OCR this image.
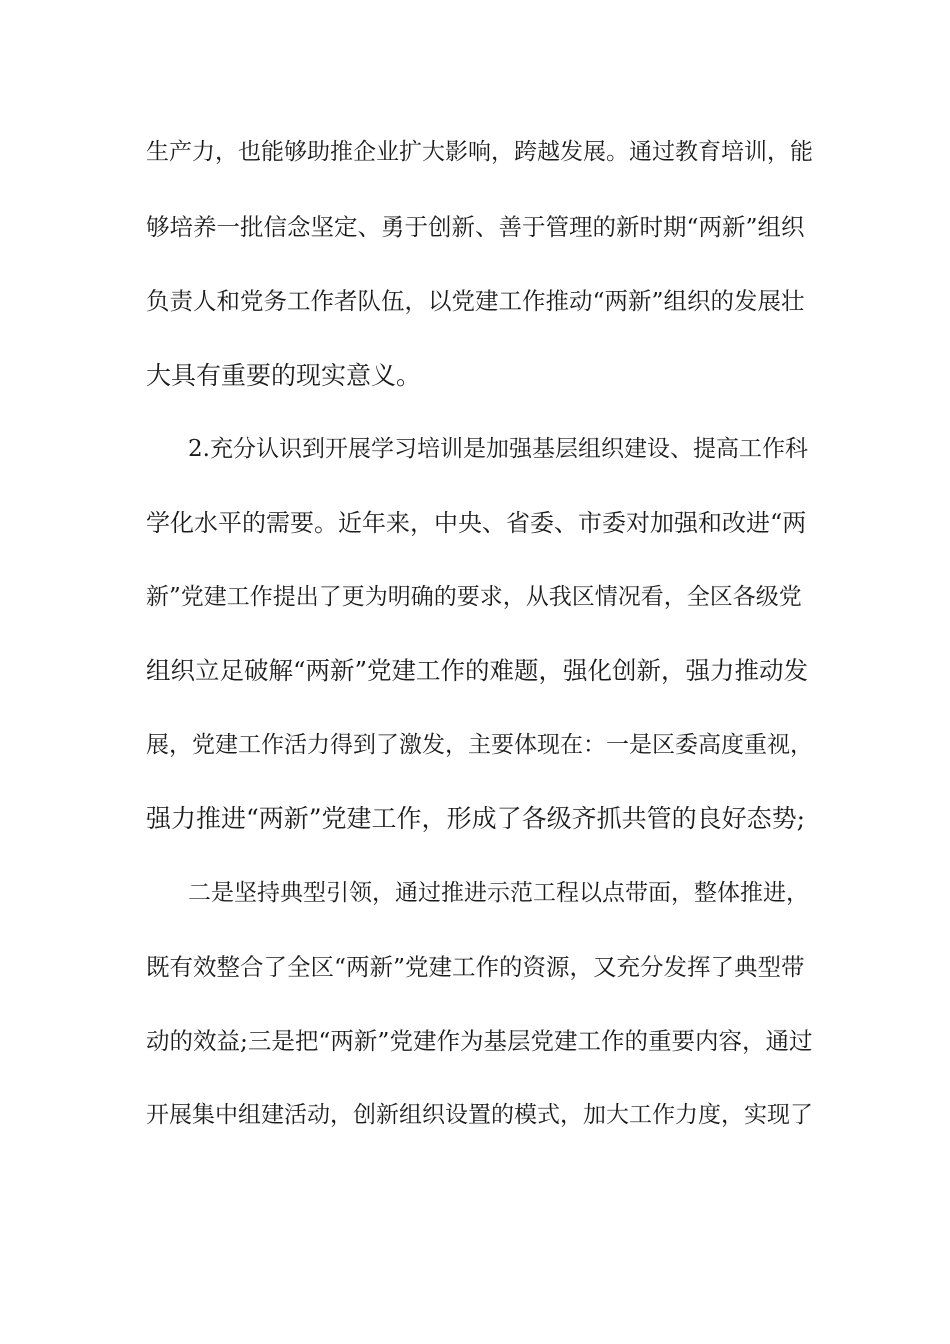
生产力，也能够助推企业扩大影响，跨越发展。通过教育培训，能
够培养一批信念坚定、勇于创新、善于管理的新时期“两新”组织
负责人和党务工作者队伍，以党建工作推动“两新”组织的发展壮
大具有重要的现实意义。
2.充分认识到开展学习培训是加强基层组织建设、提高工作科
学化水平的需要。近年来，中央、省委、市委对加强和改进“两
新”党建工作提出了更为明确的要求，从我区情况看，全区各级党
组织立足破解“两新”党建工作的难题，强化创新，强力推动发
展，党建工作活力得到了激发，主要体现在：一是区委高度重视，
强力推进“两新”党建工作，形成了各级齐抓共管的良好态势;
二是坚持典型引领，通过推进示范工程以点带面，整体推进，
既有效整合了全区“两新”党建工作的资源，又充分发挥了典型带
动的效益;三是把“两新”党建作为基层党建工作的重要内容，通过
开展集中组建活动，创新组织设置的模式，加大工作力度，实现了
